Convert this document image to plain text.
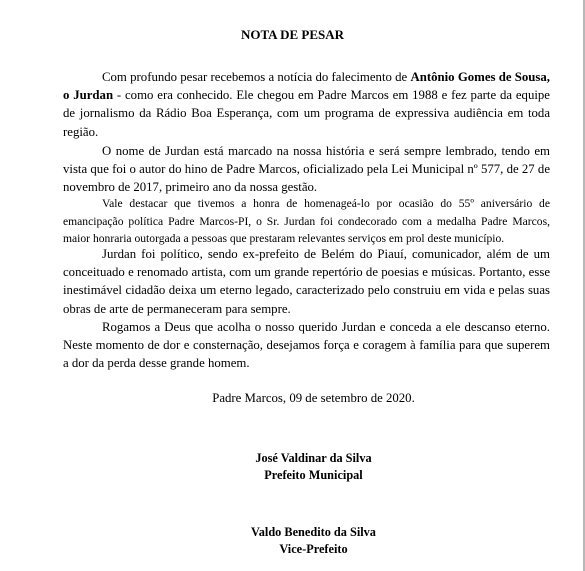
NOTA DE PESAR

Com profundo pesar recebemos a notícia do falecimento de Antônio Gomes de Sousa, o Jurdan - como era conhecido. Ele chegou em Padre Marcos em 1988 e fez parte da equipe de jornalismo da Rádio Boa Esperança, com um programa de expressiva audiência em toda região.

O nome de Jurdan está marcado na nossa história e será sempre lembrado, tendo em vista que foi o autor do hino de Padre Marcos, oficializado pela Lei Municipal nº 577, de 27 de novembro de 2017, primeiro ano da nossa gestão.

Vale destacar que tivemos a honra de homenageá-lo por ocasião do 55º aniversário de emancipação política Padre Marcos-PI, o Sr. Jurdan foi condecorado com a medalha Padre Marcos, maior honraria outorgada a pessoas que prestaram relevantes serviços em prol deste município.

Jurdan foi político, sendo ex-prefeito de Belém do Piauí, comunicador, além de um conceituado e renomado artista, com um grande repertório de poesias e músicas. Portanto, esse inestimável cidadão deixa um eterno legado, caracterizado pelo construiu em vida e pelas suas obras de arte de permaneceram para sempre.

Rogamos a Deus que acolha o nosso querido Jurdan e conceda a ele descanso eterno. Neste momento de dor e consternação, desejamos força e coragem à família para que superem a dor da perda desse grande homem.

Padre Marcos, 09 de setembro de 2020.
José Valdinar da Silva
Prefeito Municipal
Valdo Benedito da Silva
Vice-Prefeito
